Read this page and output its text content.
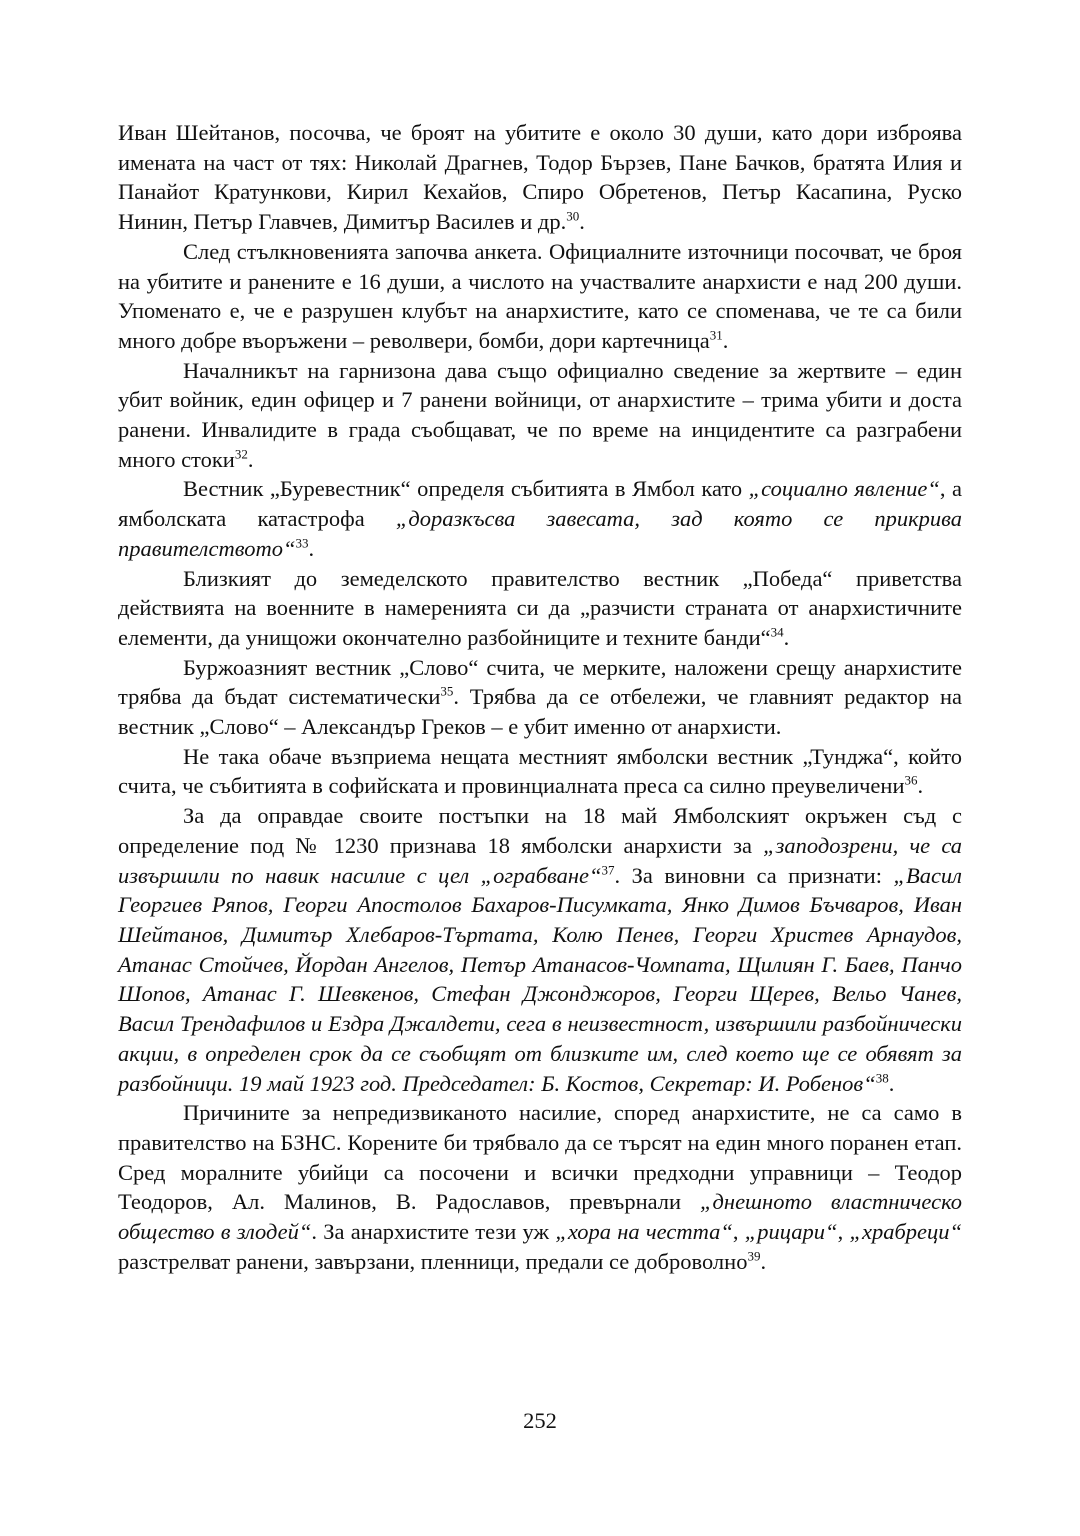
Иван Шейтанов, посочва, че броят на убитите е около 30 души, като дори изброява имената на част от тях: Николай Драгнев, Тодор Бързев, Пане Бачков, братята Илия и Панайот Кратункови, Кирил Кехайов, Спиро Обретенов, Петър Касапина, Руско Нинин, Петър Главчев, Димитър Василев и др.$^{30}$.

След стълкновенията започва анкета. Официалните източници посочват, че броя на убитите и ранените е 16 души, а числото на участвалите анархисти е над 200 души. Упоменато е, че е разрушен клубът на анархистите, като се споменава, че те са били много добре въоръжени – револвери, бомби, дори картечница$^{31}$.

Началникът на гарнизона дава също официално сведение за жертвите – един убит войник, един офицер и 7 ранени войници, от анархистите – трима убити и доста ранени. Инвалидите в града съобщават, че по време на инцидентите са разграбени много стоки$^{32}$.

Вестник „Буревестник“ определя събитията в Ямбол като „социално явление“, а ямболската катастрофа „доразкъсва завесата, зад която се прикрива правителството“$^{33}$.

Близкият до земеделското правителство вестник „Победа“ приветства действията на военните в намеренията си да „разчисти страната от анархистичните елементи, да унищожи окончателно разбойниците и техните банди“$^{34}$.

Буржоазният вестник „Слово“ счита, че мерките, наложени срещу анархистите трябва да бъдат систематически$^{35}$. Трябва да се отбележи, че главният редактор на вестник „Слово“ – Александър Греков – е убит именно от анархисти.

Не така обаче възприема нещата местният ямболски вестник „Тунджа“, който счита, че събитията в софийската и провинциалната преса са силно преувеличени$^{36}$.

За да оправдае своите постъпки на 18 май Ямболският окръжен съд с определение под № 1230 признава 18 ямболски анархисти за „заподозрени, че са извършили по навик насилие с цел „ограбване“$^{37}$. За виновни са признати: „Васил Георгиев Ряпов, Георги Апостолов Бахаров-Писумката, Янко Димов Бъчваров, Иван Шейтанов, Димитър Хлебаров-Търтата, Колю Пенев, Георги Христев Арнаудов, Атанас Стойчев, Йордан Ангелов, Петър Атанасов-Чомпата, Щилиян Г. Баев, Панчо Шопов, Атанас Г. Шевкенов, Стефан Джонджоров, Георги Щерев, Вельо Чанев, Васил Трендафилов и Ездра Джалдети, сега в неизвестност, извършили разбойнически акции, в определен срок да се съобщят от близките им, след което ще се обявят за разбойници. 19 май 1923 год. Председател: Б. Костов, Секретар: И. Робенов“$^{38}$.

Причините за непредизвиканото насилие, според анархистите, не са само в правителство на БЗНС. Корените би трябвало да се търсят на един много поранен етап. Сред моралните убийци са посочени и всички предходни управници – Теодор Теодоров, Ал. Малинов, В. Радославов, превърнали „днешното властническо общество в злодей“. За анархистите тези уж „хора на честта“, „рицари“, „храбреци“ разстрелват ранени, завързани, пленници, предали се доброволно$^{39}$.

252
